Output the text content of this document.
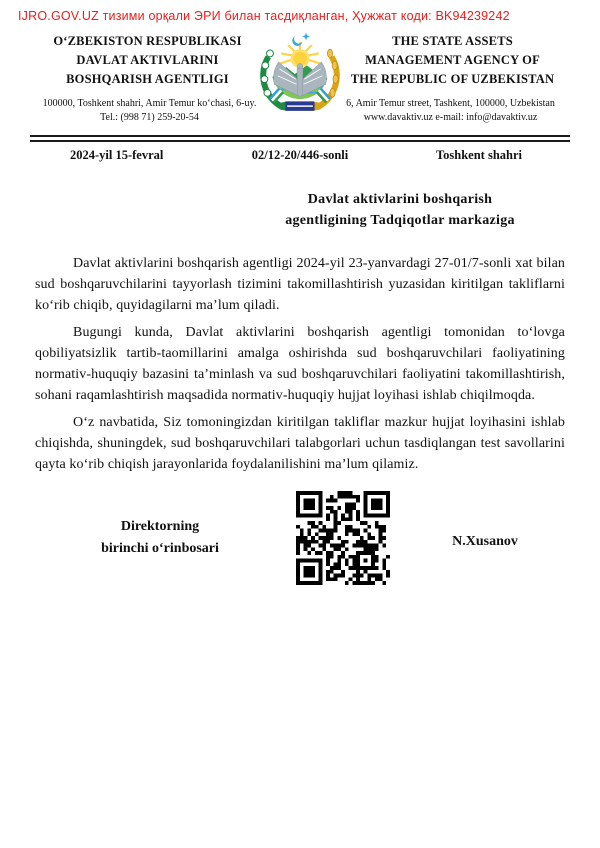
IJRO.GOV.UZ тизими орқали ЭРИ билан тасдиқланган, Ҳужжат коди: BK94239242
OʻZBEKISTON RESPUBLIKASI
DAVLAT AKTIVLARINI
BOSHQARISH AGENTLIGI
THE STATE ASSETS
MANAGEMENT AGENCY OF
THE REPUBLIC OF UZBEKISTAN
100000, Toshkent shahri, Amir Temur koʻchasi, 6-uy.
Tel.: (998 71) 259-20-54
6, Amir Temur street, Tashkent, 100000, Uzbekistan
www.davaktiv.uz e-mail: info@davaktiv.uz
2024-yil 15-fevral	02/12-20/446-sonli	Toshkent shahri
Davlat aktivlarini boshqarish
agentligining Tadqiqotlar markaziga

Davlat aktivlarini boshqarish agentligi 2024-yil 23-yanvardagi 27-01/7-sonli xat bilan sud boshqaruvchilarini tayyorlash tizimini takomillashtirish yuzasidan kiritilgan takliflarni koʻrib chiqib, quyidagilarni ma’lum qiladi.

Bugungi kunda, Davlat aktivlarini boshqarish agentligi tomonidan toʻlovga qobiliyatsizlik tartib-taomillarini amalga oshirishda sud boshqaruvchilari faoliyatining normativ-huquqiy bazasini ta’minlash va sud boshqaruvchilari faoliyatini takomillashtirish, sohani raqamlashtirish maqsadida normativ-huquqiy hujjat loyihasi ishlab chiqilmoqda.

Oʻz navbatida, Siz tomoningizdan kiritilgan takliflar mazkur hujjat loyihasini ishlab chiqishda, shuningdek, sud boshqaruvchilari talabgorlari uchun tasdiqlangan test savollarini qayta koʻrib chiqish jarayonlarida foydalanilishini ma’lum qilamiz.

Direktorning
birinchi oʻrinbosari	N.Xusanov
